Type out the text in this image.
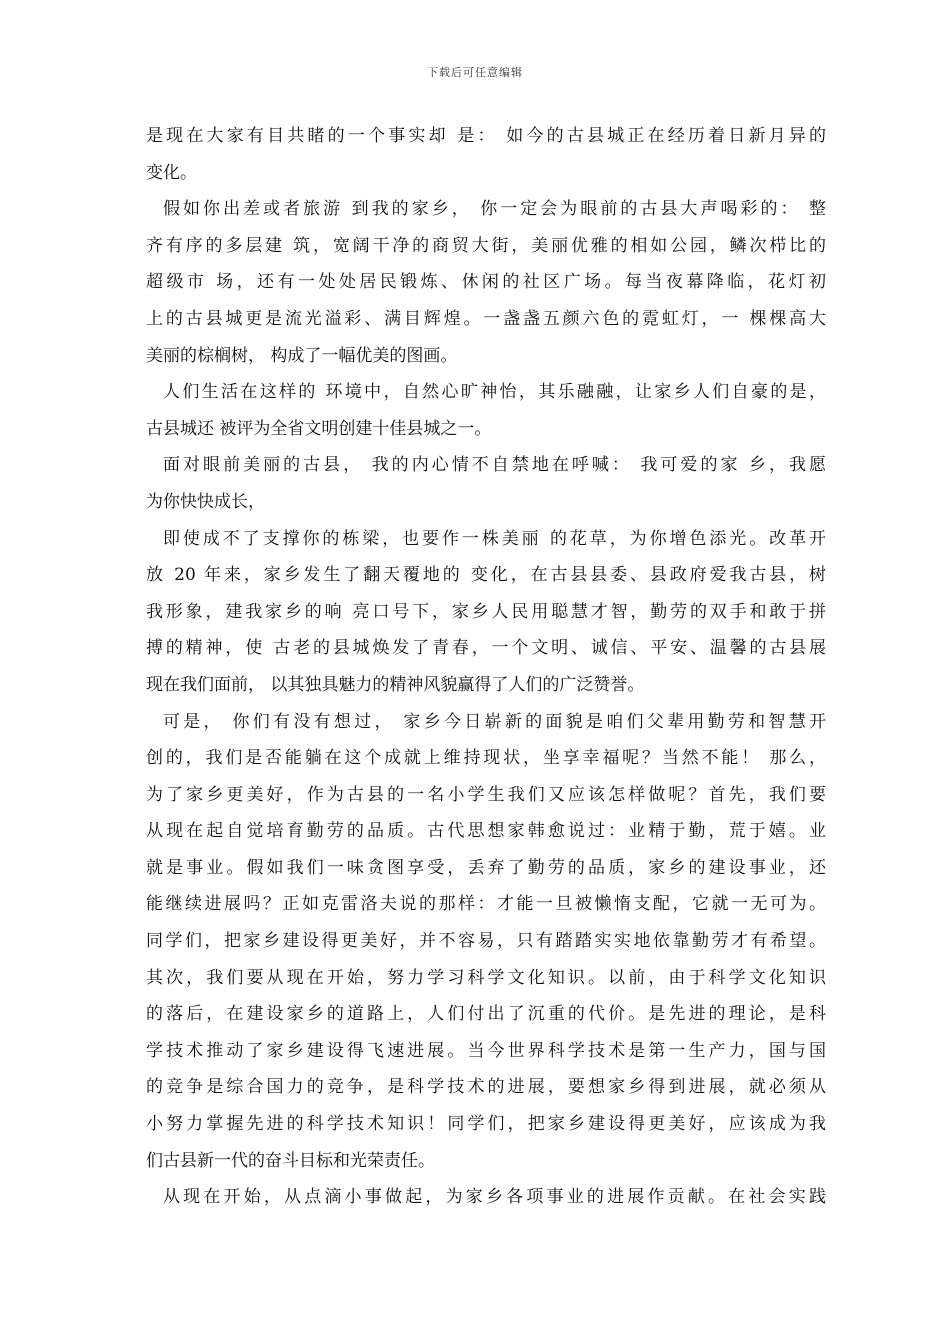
下载后可任意编辑
是现在大家有目共睹的一个事实却 是： 如今的古县城正在经历着日新月异的
变化。
假如你出差或者旅游 到我的家乡， 你一定会为眼前的古县大声喝彩的： 整
齐有序的多层建 筑，宽阔干净的商贸大街，美丽优雅的相如公园，鳞次栉比的
超级市 场，还有一处处居民锻炼、休闲的社区广场。每当夜幕降临，花灯初
上的古县城更是流光溢彩、满目辉煌。一盏盏五颜六色的霓虹灯，一 棵棵高大
美丽的棕榈树， 构成了一幅优美的图画。
人们生活在这样的 环境中，自然心旷神怡，其乐融融，让家乡人们自豪的是，
古县城还 被评为全省文明创建十佳县城之一。
面对眼前美丽的古县， 我的内心情不自禁地在呼喊： 我可爱的家 乡，我愿
为你快快成长，
即使成不了支撑你的栋梁，也要作一株美丽 的花草，为你增色添光。改革开
放 20 年来，家乡发生了翻天覆地的 变化，在古县县委、县政府爱我古县，树
我形象，建我家乡的响 亮口号下，家乡人民用聪慧才智，勤劳的双手和敢于拼
搏的精神，使 古老的县城焕发了青春，一个文明、诚信、平安、温馨的古县展
现在我们面前， 以其独具魅力的精神风貌赢得了人们的广泛赞誉。
可是， 你们有没有想过， 家乡今日崭新的面貌是咱们父辈用勤劳和智慧开
创的，我们是否能躺在这个成就上维持现状，坐享幸福呢？当然不能！ 那么，
为了家乡更美好，作为古县的一名小学生我们又应该怎样做呢？首先，我们要
从现在起自觉培育勤劳的品质。古代思想家韩愈说过：业精于勤，荒于嬉。业
就是事业。假如我们一味贪图享受，丢弃了勤劳的品质，家乡的建设事业，还
能继续进展吗？正如克雷洛夫说的那样：才能一旦被懒惰支配，它就一无可为。
同学们，把家乡建设得更美好，并不容易，只有踏踏实实地依靠勤劳才有希望。
其次，我们要从现在开始，努力学习科学文化知识。以前，由于科学文化知识
的落后，在建设家乡的道路上，人们付出了沉重的代价。是先进的理论，是科
学技术推动了家乡建设得飞速进展。当今世界科学技术是第一生产力，国与国
的竞争是综合国力的竞争，是科学技术的进展，要想家乡得到进展，就必须从
小努力掌握先进的科学技术知识！同学们，把家乡建设得更美好，应该成为我
们古县新一代的奋斗目标和光荣责任。
从现在开始，从点滴小事做起，为家乡各项事业的进展作贡献。在社会实践
